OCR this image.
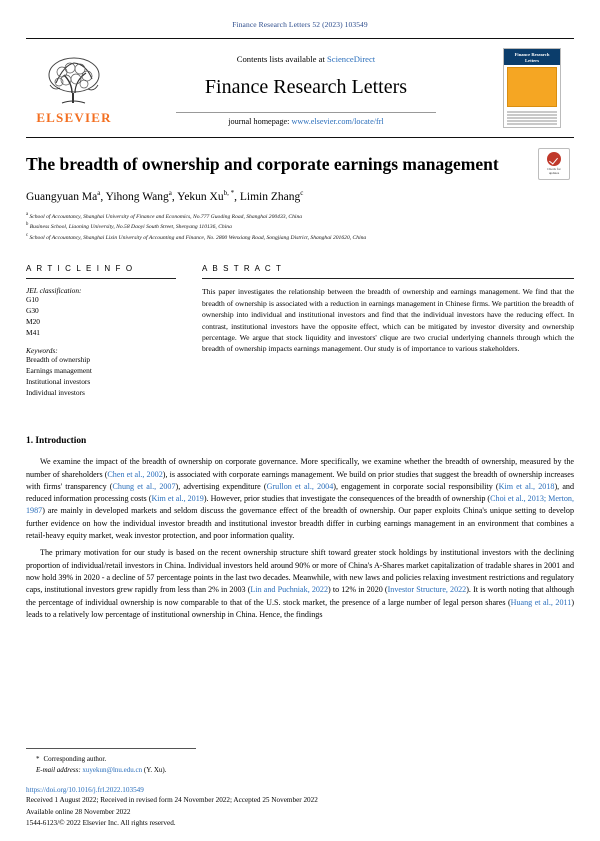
Finance Research Letters 52 (2023) 103549
ELSEVIER
Contents lists available at ScienceDirect
Finance Research Letters
journal homepage: www.elsevier.com/locate/frl
Finance Research
Letters
Check for
updates
The breadth of ownership and corporate earnings management
Guangyuan Ma$^a$, Yihong Wang$^a$, Yekun $Xu^{b, *}$, Limin Zhang$^c$
$^a$ School of Accountancy, Shanghai University of Finance and Economics, No.777 Guoding Road, Shanghai 200433, China
$^b$ Business School, Liaoning University, No.58 Daoyi South Street, Shenyang 110136, China
$^c$ School of Accountancy, Shanghai Lixin University of Accounting and Finance, No. 2800 Wenxiang Road, Songjiang District, Shanghai 201620, China
A R T I C L E I N F O
JEL classification:
G10
G30
M20
M41
Keywords:
Breadth of ownership
Earnings management
Institutional investors
Individual investors
A B S T R A C T
This paper investigates the relationship between the breadth of ownership and earnings management. We find that the breadth of ownership is associated with a reduction in earnings management in Chinese firms. We partition the breadth of ownership into individual and institutional investors and find that the individual investors have the reducing effect. In contrast, institutional investors have the opposite effect, which can be mitigated by investor diversity and ownership percentage. We argue that stock liquidity and investors' clique are two crucial underlying channels through which the breadth of ownership impacts earnings management. Our study is of importance to various stakeholders.
1. Introduction

We examine the impact of the breadth of ownership on corporate governance. More specifically, we examine whether the breadth of ownership, measured by the number of shareholders (Chen et al., 2002), is associated with corporate earnings management. We build on prior studies that suggest the breadth of ownership increases with firms' transparency (Chung et al., 2007), advertising expenditure (Grullon et al., 2004), engagement in corporate social responsibility (Kim et al., 2018), and reduced information processing costs (Kim et al., 2019). However, prior studies that investigate the consequences of the breadth of ownership (Choi et al., 2013; Merton, 1987) are mainly in developed markets and seldom discuss the governance effect of the breadth of ownership. Our paper exploits China's unique setting to develop further evidence on how the individual investor breadth and institutional investor breadth differ in curbing earnings management in an environment that combines a retail-heavy equity market, weak investor protection, and poor information quality.

The primary motivation for our study is based on the recent ownership structure shift toward greater stock holdings by institutional investors with the declining proportion of individual/retail investors in China. Individual investors held around 90% or more of China's A-Shares market capitalization of tradable shares in 2001 and now hold 39% in 2020 - a decline of 57 percentage points in the last two decades. Meanwhile, with new laws and policies relaxing investment restrictions and regulatory caps, institutional investors grew rapidly from less than 2% in 2003 (Lin and Puchniak, 2022) to 12% in 2020 (Investor Structure, 2022). It is worth noting that although the percentage of individual ownership is now comparable to that of the U.S. stock market, the presence of a large number of legal person shares (Huang et al., 2011) leads to a relatively low percentage of institutional ownership in China. Hence, the findings

* Corresponding author.
E-mail address: xuyekun@lnu.edu.cn (Y. Xu).
https://doi.org/10.1016/j.frl.2022.103549
Received 1 August 2022; Received in revised form 24 November 2022; Accepted 25 November 2022
Available online 28 November 2022
1544-6123/© 2022 Elsevier Inc. All rights reserved.
